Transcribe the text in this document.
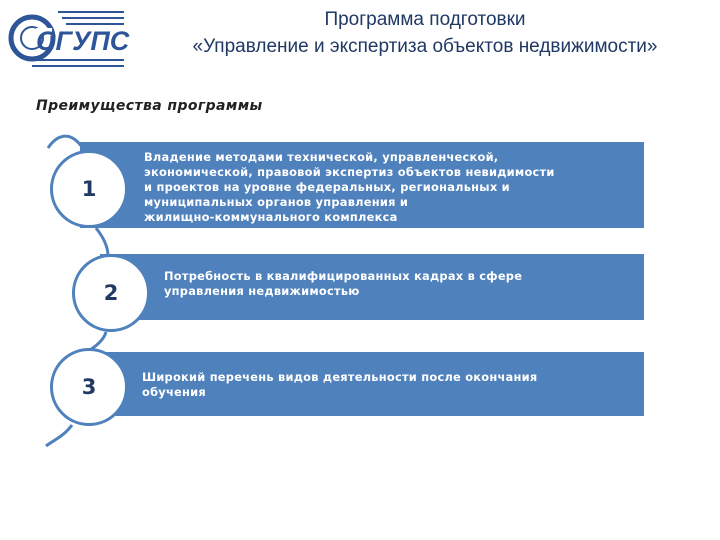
СГУПС
Программа подготовки
«Управление и экспертиза объектов недвижимости»
Преимущества программы
Владение методами технической, управленческой,
экономической, правовой экспертиз объектов невидимости
и проектов на уровне федеральных, региональных и
муниципальных органов управления и
жилищно-коммунального комплекса
Потребность в квалифицированных кадрах в сфере
управления недвижимостью
Широкий перечень видов деятельности после окончания
обучения
1
2
3
